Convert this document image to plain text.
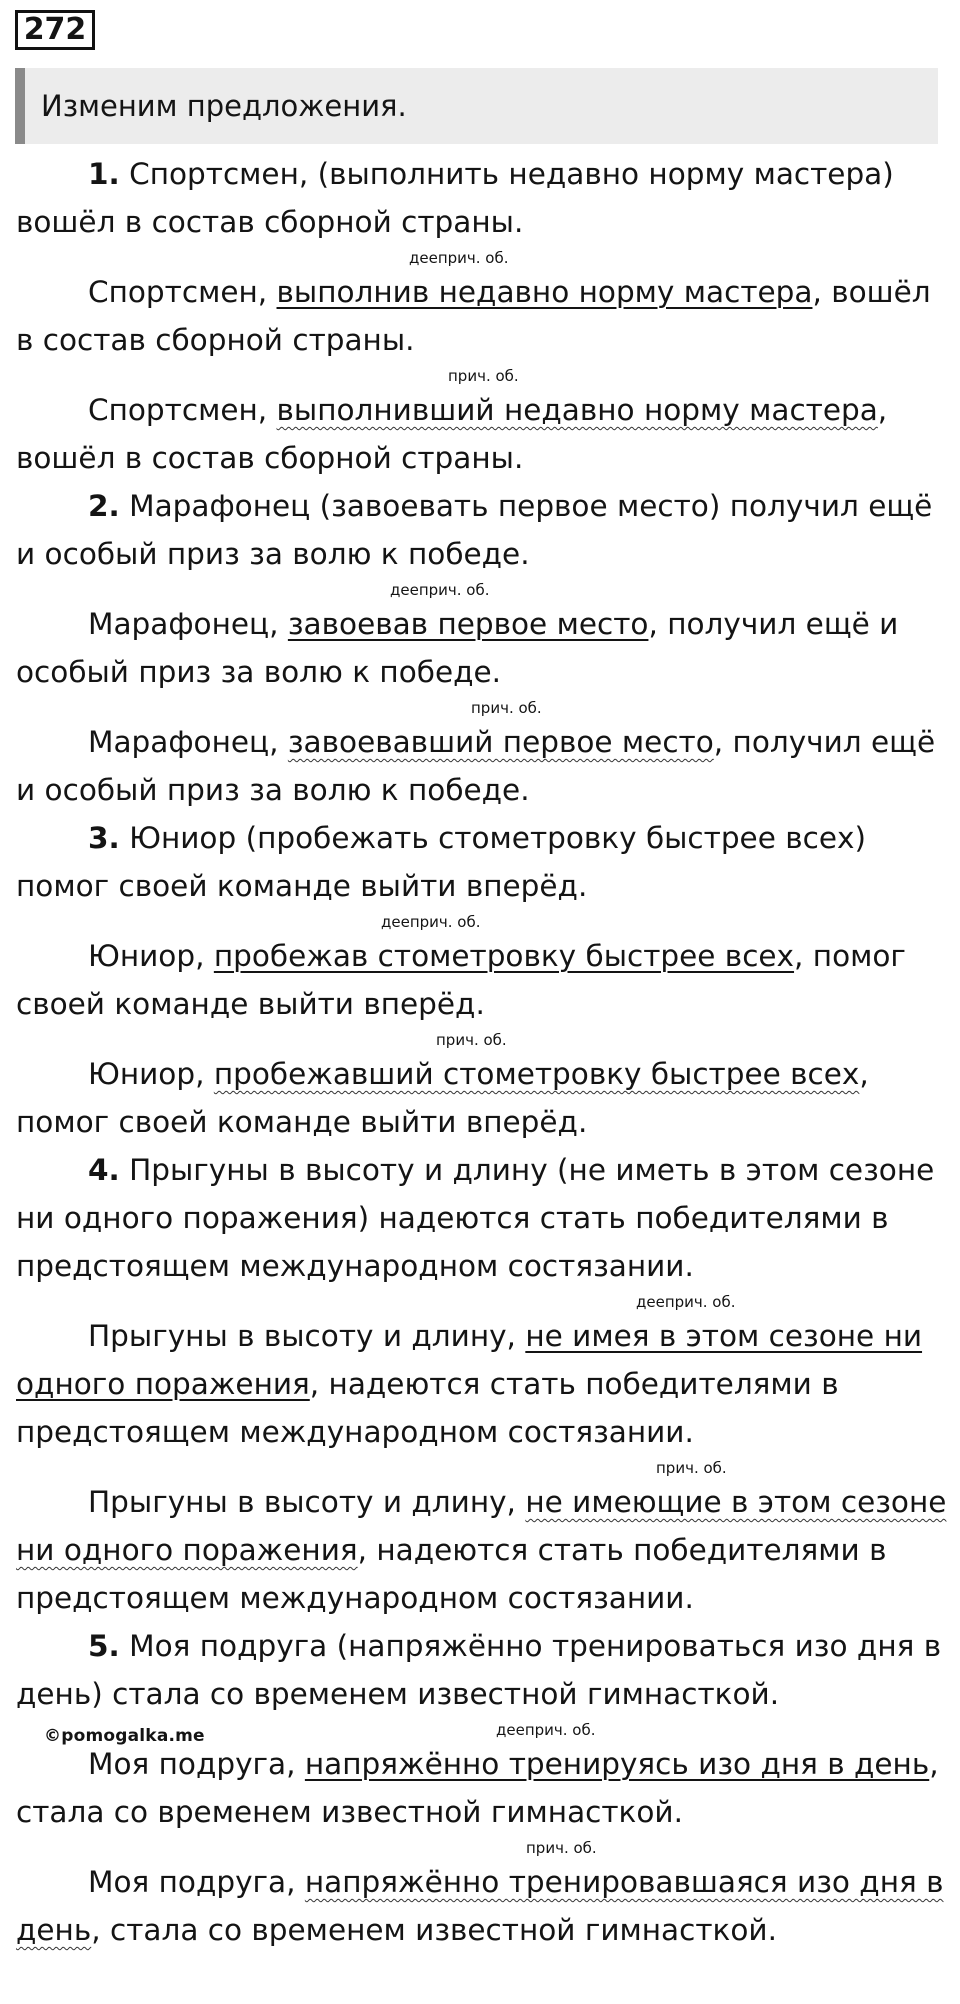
272
Изменим предложения.

1. Спортсмен, (выполнить недавно норму мастера) вошёл в состав сборной страны.

дееприч. об.

Спортсмен, выполнив недавно норму мастера, вошёл в состав сборной страны.

прич. об.

Спортсмен, выполнивший недавно норму мастера, вошёл в состав сборной страны.

2. Марафонец (завоевать первое место) получил ещё и особый приз за волю к победе.

дееприч. об.

Марафонец, завоевав первое место, получил ещё и особый приз за волю к победе.

прич. об.

Марафонец, завоевавший первое место, получил ещё и особый приз за волю к победе.

3. Юниор (пробежать стометровку быстрее всех) помог своей команде выйти вперёд.

дееприч. об.

Юниор, пробежав стометровку быстрее всех, помог своей команде выйти вперёд.

прич. об.

Юниор, пробежавший стометровку быстрее всех, помог своей команде выйти вперёд.

4. Прыгуны в высоту и длину (не иметь в этом сезоне ни одного поражения) надеются стать победителями в предстоящем международном состязании.

дееприч. об.

Прыгуны в высоту и длину, не имея в этом сезоне ни одного поражения, надеются стать победителями в предстоящем международном состязании.

прич. об.

Прыгуны в высоту и длину, не имеющие в этом сезоне ни одного поражения, надеются стать победителями в предстоящем международном состязании.

5. Моя подруга (напряжённо тренироваться изо дня в день) стала со временем известной гимнасткой.

дееприч. об.

Моя подруга, напряжённо тренируясь изо дня в день, стала со временем известной гимнасткой.

прич. об.

Моя подруга, напряжённо тренировавшаяся изо дня в день, стала со временем известной гимнасткой.

©pomogalka.me
